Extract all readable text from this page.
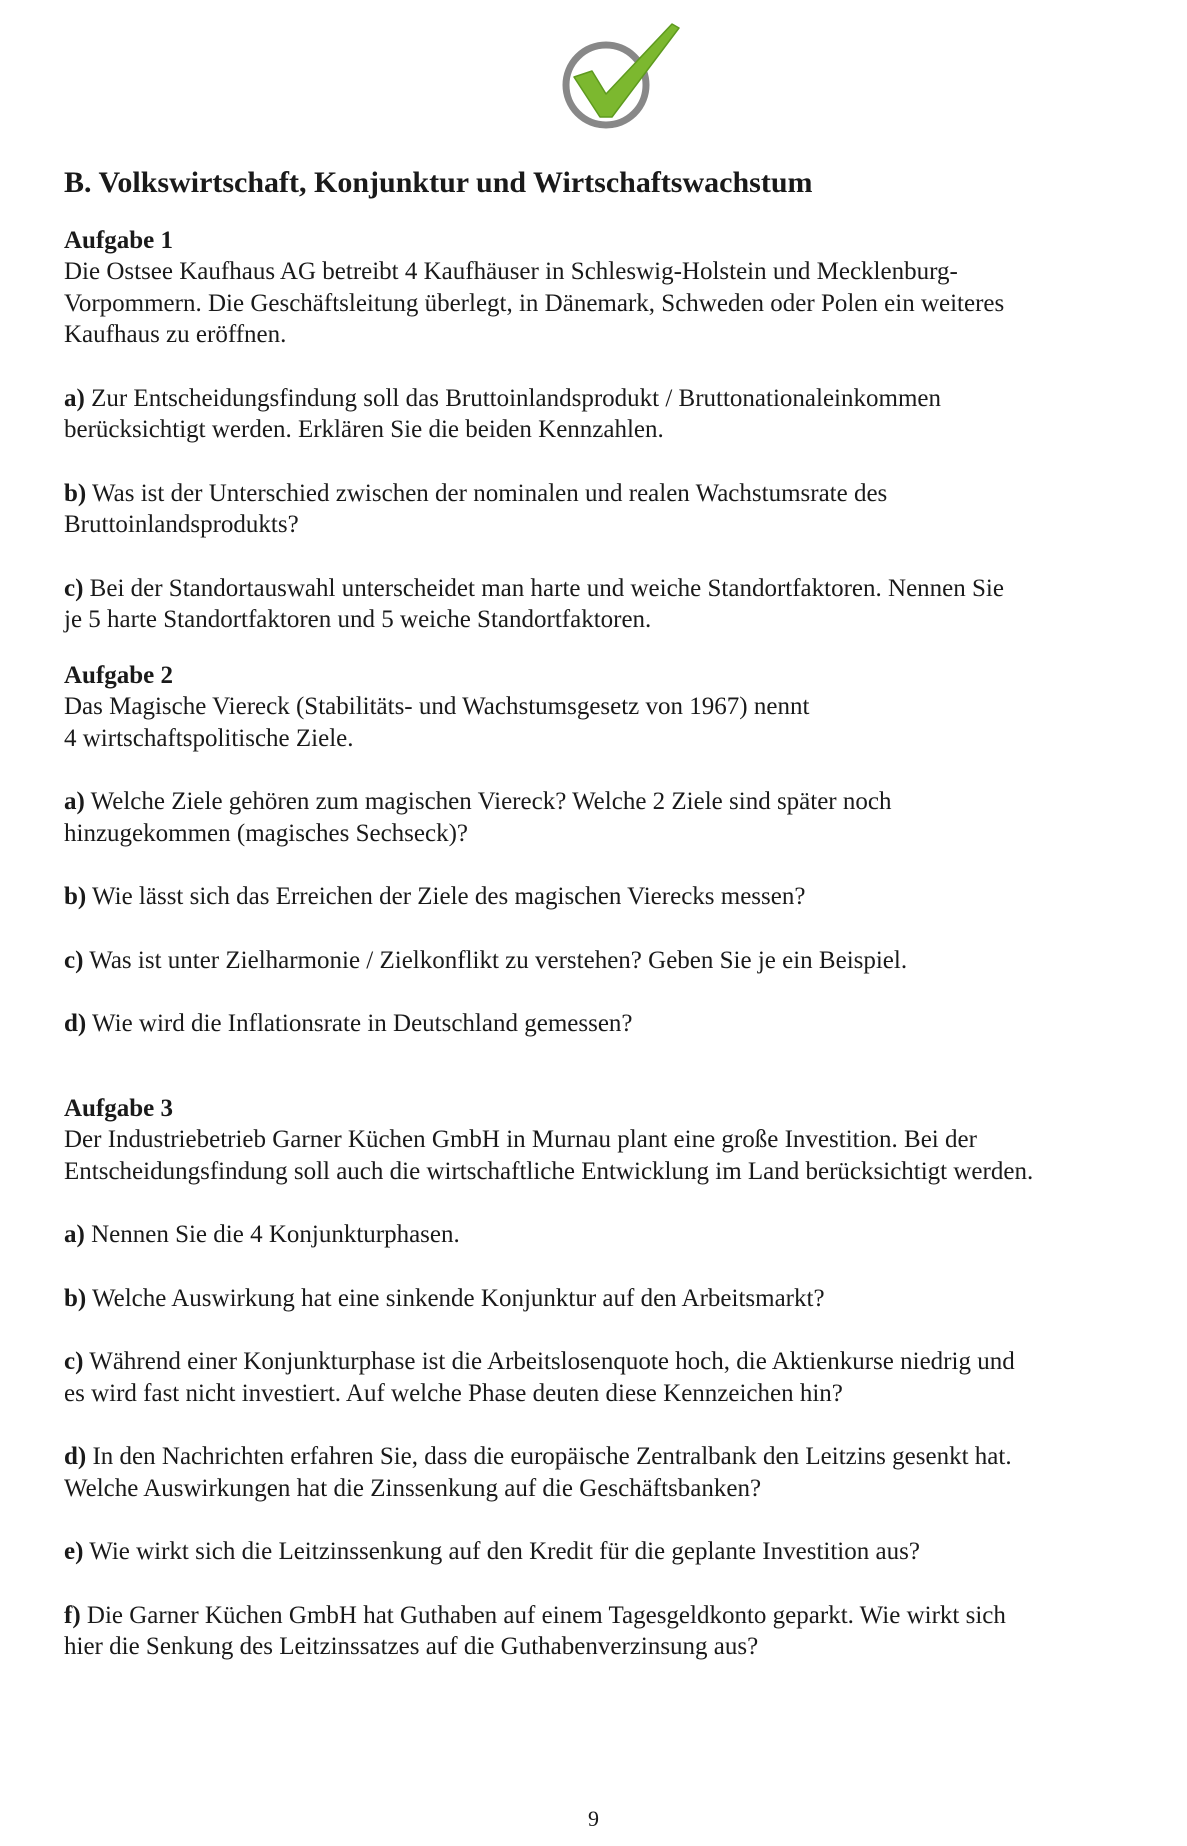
B. Volkswirtschaft, Konjunktur und Wirtschaftswachstum
Aufgabe 1

Die Ostsee Kaufhaus AG betreibt 4 Kaufhäuser in Schleswig-Holstein und Mecklenburg-
Vorpommern. Die Geschäftsleitung überlegt, in Dänemark, Schweden oder Polen ein weiteres
Kaufhaus zu eröffnen.

a) Zur Entscheidungsfindung soll das Bruttoinlandsprodukt / Bruttonationaleinkommen
berücksichtigt werden. Erklären Sie die beiden Kennzahlen.

b) Was ist der Unterschied zwischen der nominalen und realen Wachstumsrate des
Bruttoinlandsprodukts?

c) Bei der Standortauswahl unterscheidet man harte und weiche Standortfaktoren. Nennen Sie
je 5 harte Standortfaktoren und 5 weiche Standortfaktoren.

Aufgabe 2

Das Magische Viereck (Stabilitäts- und Wachstumsgesetz von 1967) nennt
4 wirtschaftspolitische Ziele.

a) Welche Ziele gehören zum magischen Viereck? Welche 2 Ziele sind später noch
hinzugekommen (magisches Sechseck)?

b) Wie lässt sich das Erreichen der Ziele des magischen Vierecks messen?

c) Was ist unter Zielharmonie / Zielkonflikt zu verstehen? Geben Sie je ein Beispiel.

d) Wie wird die Inflationsrate in Deutschland gemessen?

Aufgabe 3

Der Industriebetrieb Garner Küchen GmbH in Murnau plant eine große Investition. Bei der
Entscheidungsfindung soll auch die wirtschaftliche Entwicklung im Land berücksichtigt werden.

a) Nennen Sie die 4 Konjunkturphasen.

b) Welche Auswirkung hat eine sinkende Konjunktur auf den Arbeitsmarkt?

c) Während einer Konjunkturphase ist die Arbeitslosenquote hoch, die Aktienkurse niedrig und
es wird fast nicht investiert. Auf welche Phase deuten diese Kennzeichen hin?

d) In den Nachrichten erfahren Sie, dass die europäische Zentralbank den Leitzins gesenkt hat.
Welche Auswirkungen hat die Zinssenkung auf die Geschäftsbanken?

e) Wie wirkt sich die Leitzinssenkung auf den Kredit für die geplante Investition aus?

f) Die Garner Küchen GmbH hat Guthaben auf einem Tagesgeldkonto geparkt. Wie wirkt sich
hier die Senkung des Leitzinssatzes auf die Guthabenverzinsung aus?

9
